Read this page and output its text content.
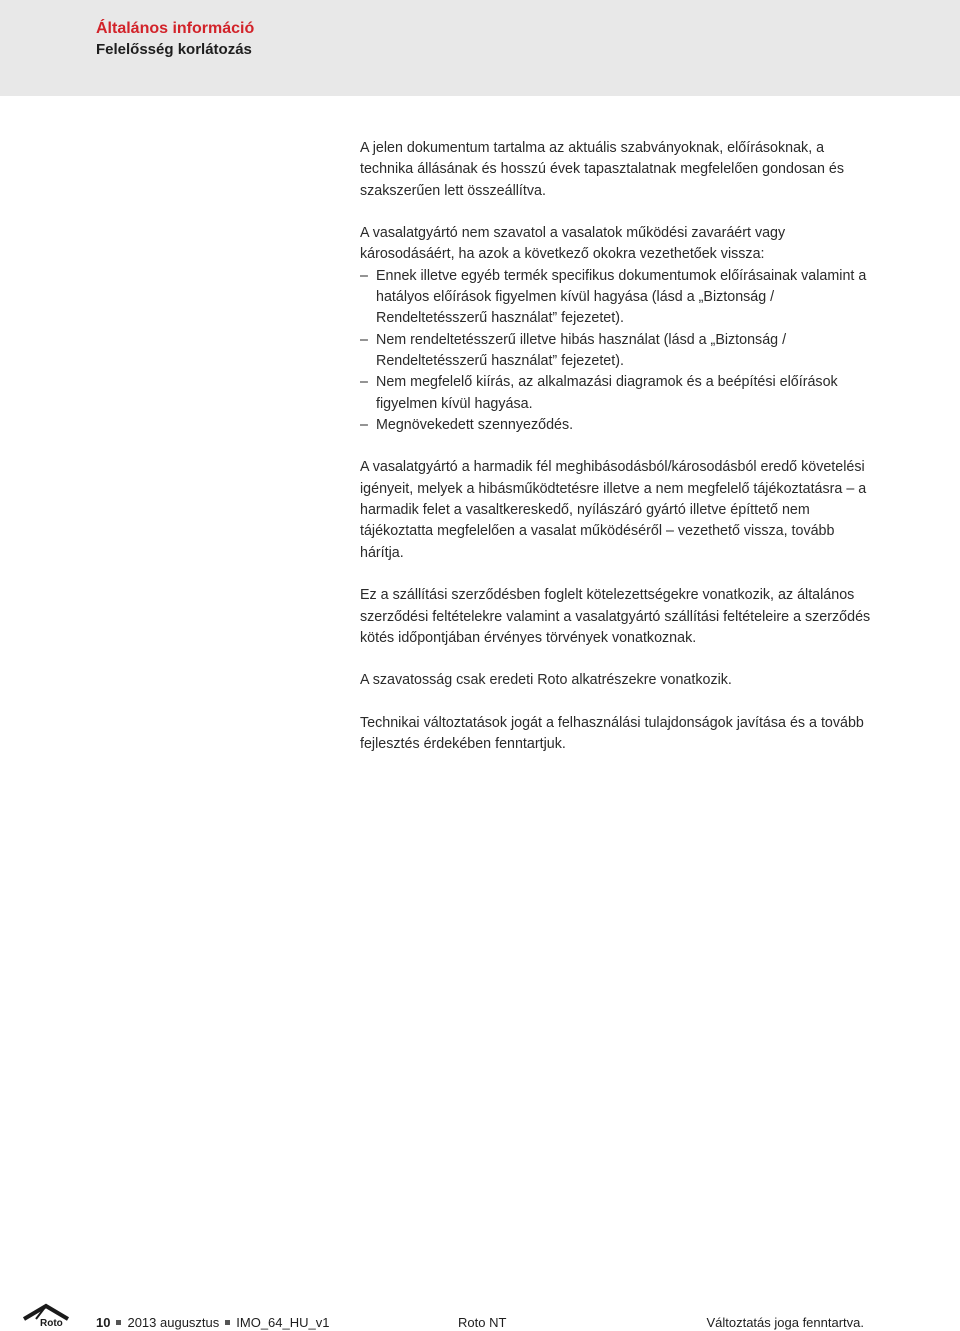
Általános információ
Felelősség korlátozás

A jelen dokumentum tartalma az aktuális szabványoknak, előírásoknak, a technika állásának és hosszú évek tapasztalatnak megfelelően gondosan és szakszerűen lett összeállítva.

A vasalatgyártó nem szavatol a vasalatok működési zavaráért vagy károsodásáért, ha azok a következő okokra vezethetőek vissza:

– Ennek illetve egyéb termék specifikus dokumentumok előírásainak valamint a hatályos előírások figyelmen kívül hagyása (lásd a „Biztonság / Rendeltetésszerű használat” fejezetet).
– Nem rendeltetésszerű illetve hibás használat (lásd a „Biztonság / Rendeltetésszerű használat” fejezetet).
– Nem megfelelő kiírás, az alkalmazási diagramok és a beépítési előírások figyelmen kívül hagyása.
– Megnövekedett szennyeződés.

A vasalatgyártó a harmadik fél meghibásodásból/károsodásból eredő követelési igényeit, melyek a hibásműködtetésre illetve a nem megfelelő tájékoztatásra – a harmadik felet a vasaltkereskedő, nyílászáró gyártó illetve építtető nem tájékoztatta megfelelően a vasalat működéséről – vezethető vissza, tovább hárítja.

Ez a szállítási szerződésben foglelt kötelezettségekre vonatkozik, az általános szerződési feltételekre valamint a vasalatgyártó szállítási feltételeire a szerződés kötés időpontjában érvényes törvények vonatkoznak.

A szavatosság csak eredeti Roto alkatrészekre vonatkozik.

Technikai változtatások jogát a felhasználási tulajdonságok javítása és a tovább fejlesztés érdekében fenntartjuk.

Roto	10 2013 augusztus IMO_64_HU_v1	Roto NT	Változtatás joga fenntartva.
